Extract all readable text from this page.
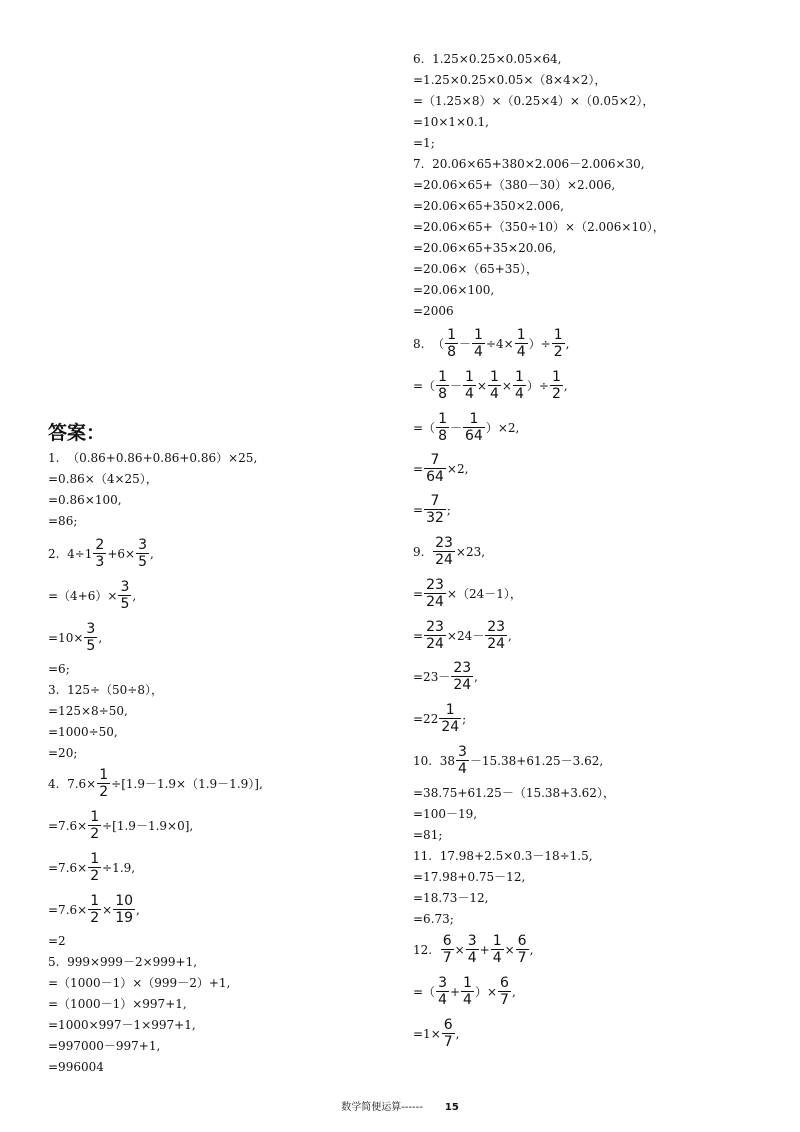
答案：
1.  （0.86+0.86+0.86+0.86）×25,
=0.86×（4×25），
=0.86×100,
=86;
2.  $4\div 1 \frac{2}{3} +6\times \frac{3}{5}$ ,
$=(4+6)\times \frac{3}{5}$ ,
$=10\times \frac{3}{5}$ ,
=6;
3.  125÷（50÷8），
=125×8÷50,
=1000÷50,
=20;
4.  $7.6\times \frac{1}{2} \div[1.9-1.9\times(1.9-1.9)]$,
$=7.6\times \frac{1}{2} \div[1.9-1.9\times 0]$,
$=7.6\times \frac{1}{2} \div 1.9$,
$=7.6\times \frac{1}{2} \times \frac{10}{19}$ ,
=2
5.  999×999－2×999+1,
=（1000－1）×（999－2）+1,
=（1000－1）×997+1,
=1000×997－1×997+1,
=997000－997+1,
=996004
6.  1.25×0.25×0.05×64,
=1.25×0.25×0.05×（8×4×2），
=（1.25×8）×（0.25×4）×（0.05×2），
=10×1×0.1,
=1;
7.  20.06×65+380×2.006－2.006×30,
=20.06×65+（380－30）×2.006,
=20.06×65+350×2.006,
=20.06×65+（350÷10）×（2.006×10），
=20.06×65+35×20.06,
=20.06×（65+35），
=20.06×100,
=2006
8.  （ $\frac{1}{8} - \frac{1}{4} \div 4\times \frac{1}{4}$ ）÷ $\frac{1}{2}$ ,
=（ $\frac{1}{8} - \frac{1}{4} \times \frac{1}{4} \times \frac{1}{4}$ ）÷ $\frac{1}{2}$ ,
=（ $\frac{1}{8} - \frac{1}{64} )\times 2$,
= $\frac{7}{64} \times 2$,
= $\frac{7}{32}$ ;
9. $\frac{23}{24} \times 23$,
= $\frac{23}{24} \times(24-1)$，
= $\frac{23}{24} \times 24- \frac{23}{24}$ ,
$=23- \frac{23}{24}$ ,
$=22 \frac{1}{24}$ ;
10.  $38 \frac{3}{4} -15.38+61.25-3.62$,
=38.75+61.25－（15.38+3.62），
=100－19,
=81;
11.  17.98+2.5×0.3－18÷1.5,
=17.98+0.75－12,
=18.73－12,
=6.73;
12. $\frac{6}{7} \times \frac{3}{4} + \frac{1}{4} \times \frac{6}{7}$ ,
=（ $\frac{3}{4} + \frac{1}{4}$ ）× $\frac{6}{7}$ ,
$=1\times \frac{6}{7}$ ,
数学简便运算------ 15
